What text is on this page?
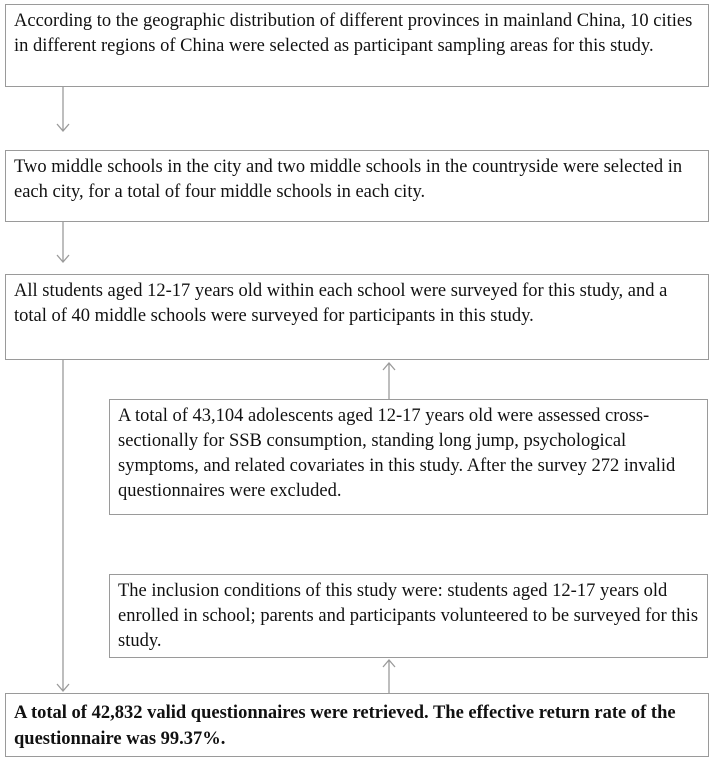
According to the geographic distribution of different provinces in mainland China, 10 cities in different regions of China were selected as participant sampling areas for this study.

Two middle schools in the city and two middle schools in the countryside were selected in each city, for a total of four middle schools in each city.

All students aged 12-17 years old within each school were surveyed for this study, and a total of 40 middle schools were surveyed for participants in this study.

A total of 43,104 adolescents aged 12-17 years old were assessed cross-sectionally for SSB consumption, standing long jump, psychological symptoms, and related covariates in this study. After the survey 272 invalid questionnaires were excluded.

The inclusion conditions of this study were: students aged 12-17 years old enrolled in school; parents and participants volunteered to be surveyed for this study.

A total of 42,832 valid questionnaires were retrieved. The effective return rate of the questionnaire was 99.37%.
